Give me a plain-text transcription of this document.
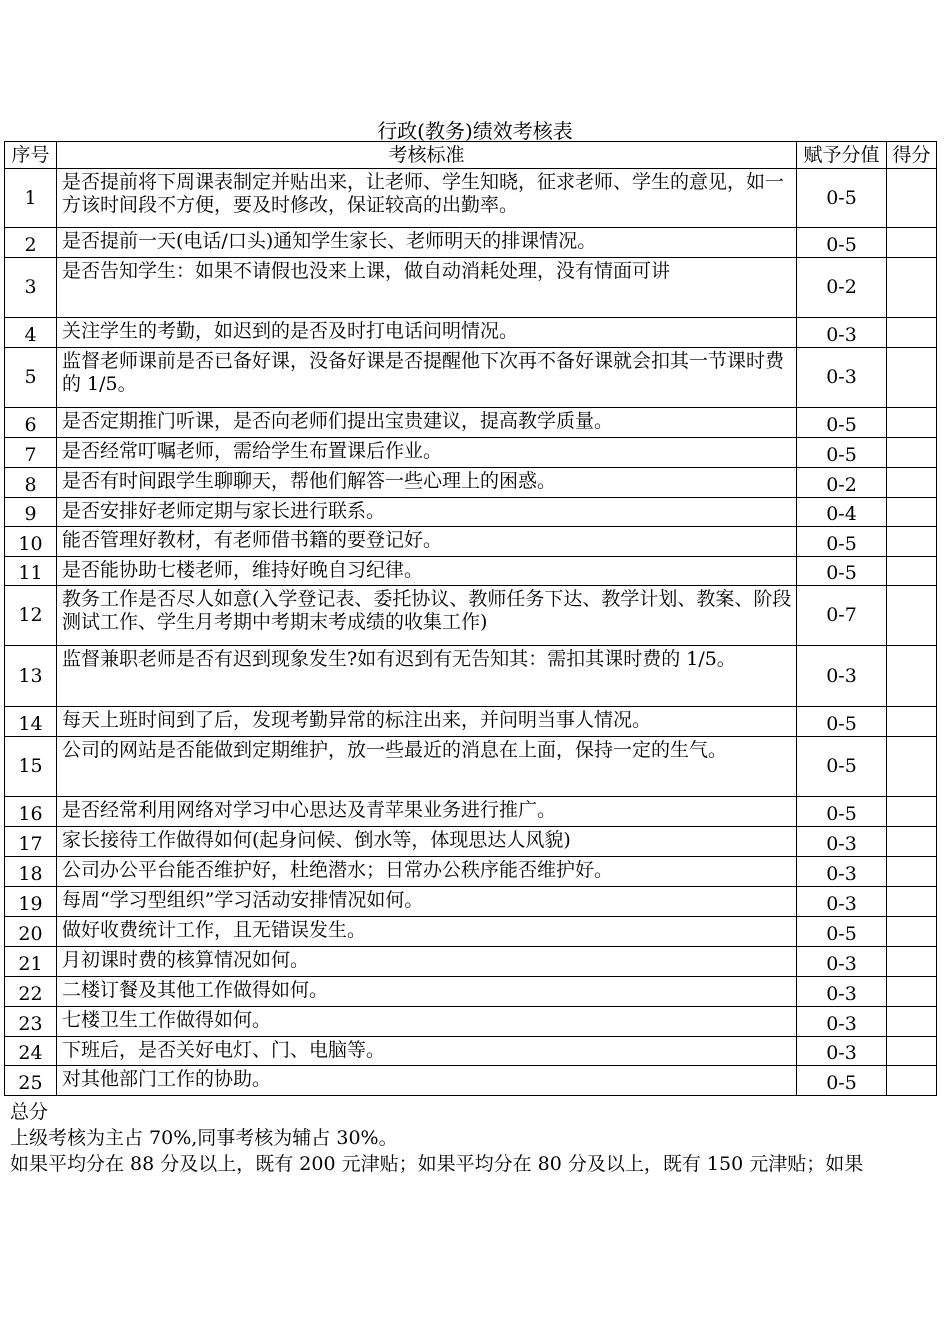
行政(教务)绩效考核表
序号	考核标准	赋予分值	得分
1	是否提前将下周课表制定并贴出来，让老师、学生知晓，征求老师、学生的意见，如一方该时间段不方便，要及时修改，保证较高的出勤率。	0-5	
2	是否提前一天(电话/口头)通知学生家长、老师明天的排课情况。	0-5	
3	是否告知学生：如果不请假也没来上课，做自动消耗处理，没有情面可讲	0-2	
4	关注学生的考勤，如迟到的是否及时打电话问明情况。	0-3	
5	监督老师课前是否已备好课，没备好课是否提醒他下次再不备好课就会扣其一节课时费的 1/5。	0-3	
6	是否定期推门听课，是否向老师们提出宝贵建议，提高教学质量。	0-5	
7	是否经常叮嘱老师，需给学生布置课后作业。	0-5	
8	是否有时间跟学生聊聊天，帮他们解答一些心理上的困惑。	0-2	
9	是否安排好老师定期与家长进行联系。	0-4	
10	能否管理好教材，有老师借书籍的要登记好。	0-5	
11	是否能协助七楼老师，维持好晚自习纪律。	0-5	
12	教务工作是否尽人如意(入学登记表、委托协议、教师任务下达、教学计划、教案、阶段测试工作、学生月考期中考期末考成绩的收集工作)	0-7	
13	监督兼职老师是否有迟到现象发生?如有迟到有无告知其：需扣其课时费的 1/5。	0-3	
14	每天上班时间到了后，发现考勤异常的标注出来，并问明当事人情况。	0-5	
15	公司的网站是否能做到定期维护，放一些最近的消息在上面，保持一定的生气。	0-5	
16	是否经常利用网络对学习中心思达及青苹果业务进行推广。	0-5	
17	家长接待工作做得如何(起身问候、倒水等，体现思达人风貌)	0-3	
18	公司办公平台能否维护好，杜绝潜水；日常办公秩序能否维护好。	0-3	
19	每周“学习型组织”学习活动安排情况如何。	0-3	
20	做好收费统计工作，且无错误发生。	0-5	
21	月初课时费的核算情况如何。	0-3	
22	二楼订餐及其他工作做得如何。	0-3	
23	七楼卫生工作做得如何。	0-3	
24	下班后，是否关好电灯、门、电脑等。	0-3	
25	对其他部门工作的协助。	0-5	
总分
上级考核为主占 70%,同事考核为辅占 30%。
如果平均分在 88 分及以上，既有 200 元津贴；如果平均分在 80 分及以上，既有 150 元津贴；如果
